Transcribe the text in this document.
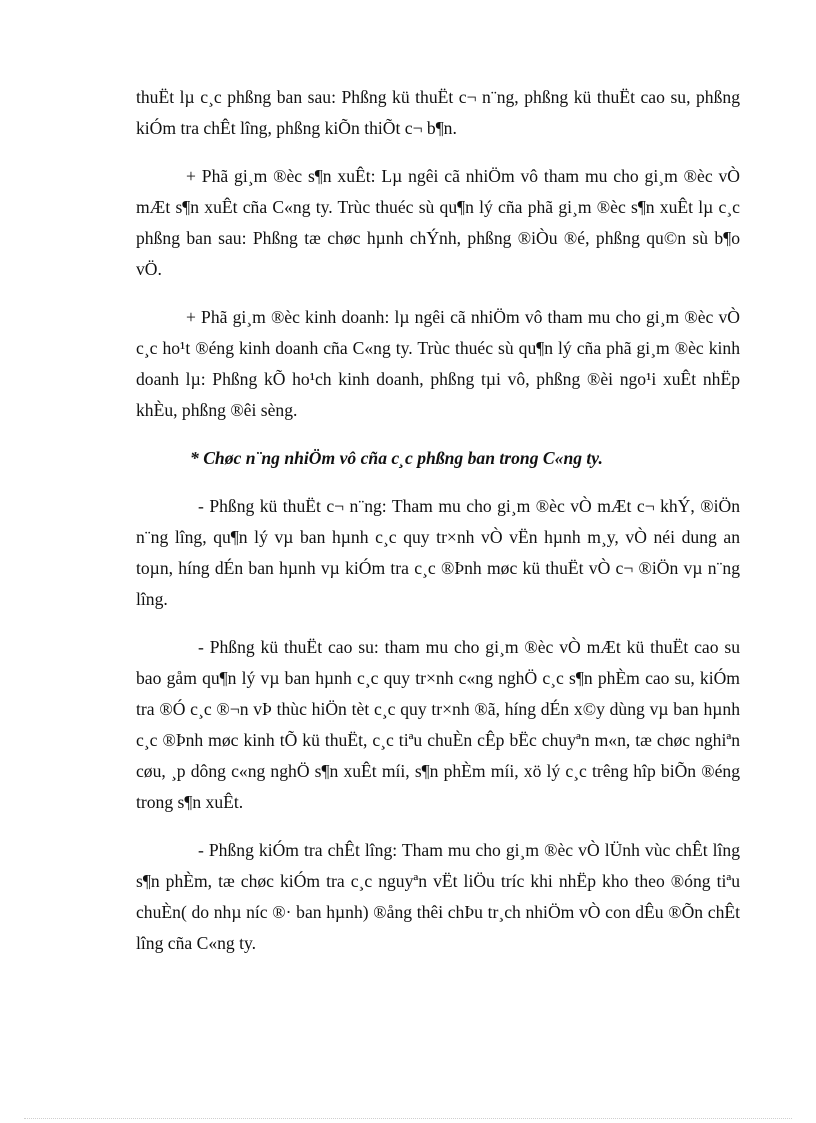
thuËt lµ c¸c phßng ban sau: Phßng kü thuËt c¬ n¨ng, phßng kü thuËt cao su, phßng kiÓm tra chÊt lîng, phßng kiÕn thiÕt c¬ b¶n.

+ Phã gi¸m ®èc s¶n xuÊt: Lµ ngêi cã nhiÖm vô tham mu cho gi¸m ®èc vÒ mÆt s¶n xuÊt cña C«ng ty. Trùc thuéc sù qu¶n lý cña phã gi¸m ®èc s¶n xuÊt lµ c¸c phßng ban sau: Phßng tæ chøc hµnh chÝnh, phßng ®iÒu ®é, phßng qu©n sù b¶o vÖ.

+ Phã gi¸m ®èc kinh doanh: lµ ngêi cã nhiÖm vô tham mu cho gi¸m ®èc vÒ c¸c ho¹t ®éng kinh doanh cña C«ng ty. Trùc thuéc sù qu¶n lý cña phã gi¸m ®èc kinh doanh lµ: Phßng kÕ ho¹ch kinh doanh, phßng tµi vô, phßng ®èi ngo¹i xuÊt nhËp khÈu, phßng ®êi sèng.

* Chøc n¨ng nhiÖm vô cña c¸c phßng ban trong C«ng ty.

- Phßng kü thuËt c¬ n¨ng: Tham mu cho gi¸m ®èc vÒ mÆt c¬ khÝ, ®iÖn n¨ng lîng, qu¶n lý vµ ban hµnh c¸c quy tr×nh vÒ vËn hµnh m¸y, vÒ néi dung an toµn, híng dÉn ban hµnh vµ kiÓm tra c¸c ®Þnh møc kü thuËt vÒ c¬ ®iÖn vµ n¨ng lîng.

- Phßng kü thuËt cao su: tham mu cho gi¸m ®èc vÒ mÆt kü thuËt cao su bao gåm qu¶n lý vµ ban hµnh c¸c quy tr×nh c«ng nghÖ c¸c s¶n phÈm cao su, kiÓm tra ®Ó c¸c ®¬n vÞ thùc hiÖn tèt c¸c quy tr×nh ®ã, híng dÉn x©y dùng vµ ban hµnh c¸c ®Þnh møc kinh tÕ kü thuËt, c¸c tiªu chuÈn cÊp bËc chuyªn m«n, tæ chøc nghiªn cøu, ¸p dông c«ng nghÖ s¶n xuÊt míi, s¶n phÈm míi, xö lý c¸c trêng hîp biÕn ®éng trong s¶n xuÊt.

- Phßng kiÓm tra chÊt lîng: Tham mu cho gi¸m ®èc vÒ lÜnh vùc chÊt lîng s¶n phÈm, tæ chøc kiÓm tra c¸c nguyªn vËt liÖu tríc khi nhËp kho theo ®óng tiªu chuÈn( do nhµ níc ®· ban hµnh) ®ång thêi chÞu tr¸ch nhiÖm vÒ con dÊu ®Õn chÊt lîng cña C«ng ty.
